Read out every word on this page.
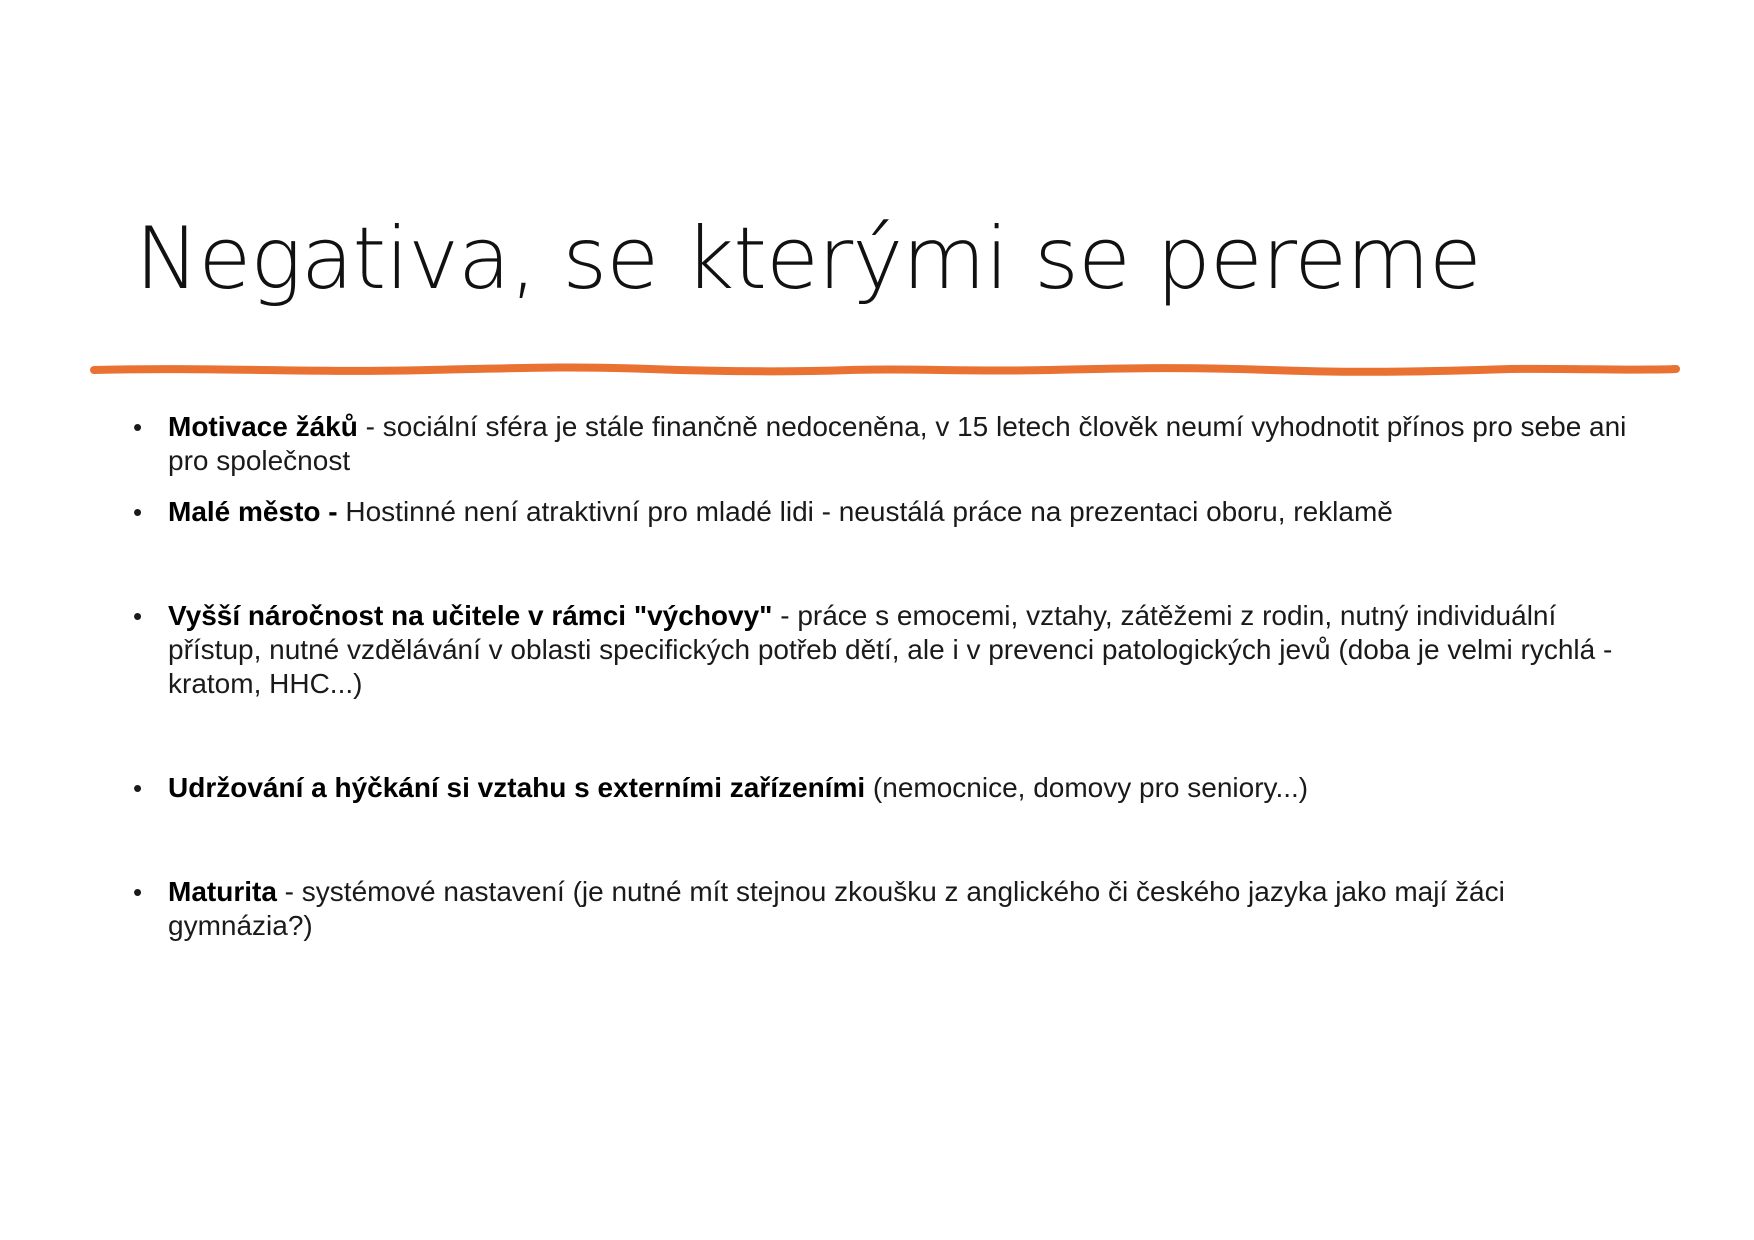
Negativa, se kterými se pereme
• Motivace žáků - sociální sféra je stále finančně nedoceněna, v 15 letech člověk neumí vyhodnotit přínos pro sebe ani pro společnost
• Malé město - Hostinné není atraktivní pro mladé lidi - neustálá práce na prezentaci oboru, reklamě
• Vyšší náročnost na učitele v rámci "výchovy" - práce s emocemi, vztahy, zátěžemi z rodin, nutný individuální přístup, nutné vzdělávání v oblasti specifických potřeb dětí, ale i v prevenci patologických jevů (doba je velmi rychlá - kratom, HHC...)
• Udržování a hýčkání si vztahu s externími zařízeními (nemocnice, domovy pro seniory...)
• Maturita - systémové nastavení (je nutné mít stejnou zkoušku z anglického či českého jazyka jako mají žáci gymnázia?)
